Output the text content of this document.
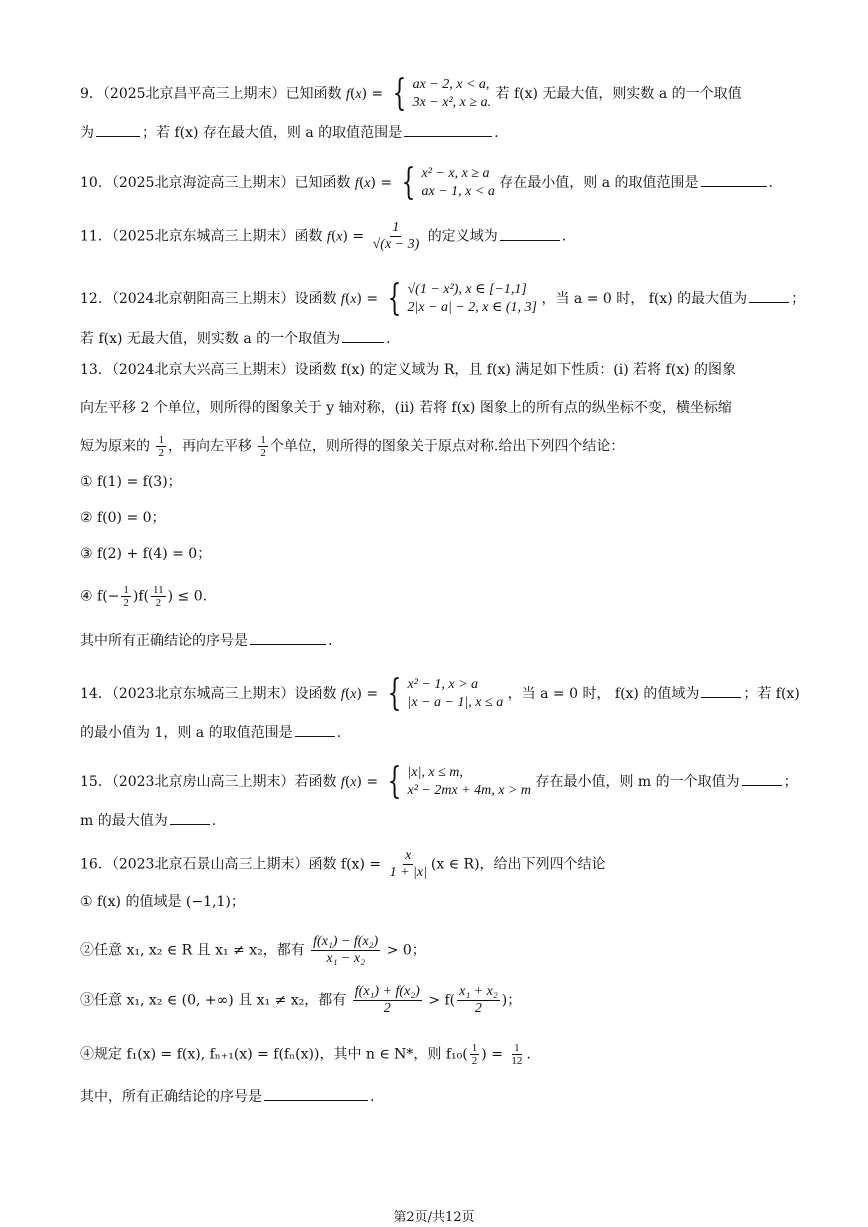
9．（2025北京昌平高三上期末）已知函数 f(x) = { ax − 2, x < a,
3x − x², x ≥ a.
若 f(x) 无最大值，则实数 a 的一个取值
为	；若 f(x) 存在最大值，则 a 的取值范围是	.
10．（2025北京海淀高三上期末）已知函数 f(x) = { x² − x, x ≥ a
ax − 1, x < a
存在最小值，则 a 的取值范围是	.
11．（2025北京东城高三上期末）函数 $f(x) = \frac{1}{√(x - 3)}$ 的定义域为	.
12．（2024北京朝阳高三上期末）设函数 f(x) = { √(1 − x²), x ∈ [−1,1]
2|x − a| − 2, x ∈ (1, 3]
，当 a = 0 时， f(x) 的最大值为	；
若 f(x) 无最大值，则实数 a 的一个取值为	.
13．（2024北京大兴高三上期末）设函数 f(x) 的定义域为 R，且 f(x) 满足如下性质：(ⅰ) 若将 f(x) 的图象
向左平移 2 个单位，则所得的图象关于 y 轴对称，(ⅱ) 若将 f(x) 图象上的所有点的纵坐标不变，横坐标缩
短为原来的 $\frac{1}{2}$ ，再向左平移 $\frac{1}{2}$ 个单位，则所得的图象关于原点对称.给出下列四个结论：
① f(1) = f(3)；
② f(0) = 0；
③ f(2) + f(4) = 0；
④ $f(- \frac{1}{2} )f( \frac{11}{2}$ ) ≤ 0.
其中所有正确结论的序号是	.
14．（2023北京东城高三上期末）设函数 f(x) = { x² − 1, x > a
|x − a − 1|, x ≤ a
，当 a = 0 时， f(x) 的值域为	；若 f(x)
的最小值为 1，则 a 的取值范围是	.
15．（2023北京房山高三上期末）若函数 f(x) = { |x|, x ≤ m,
x² − 2mx + 4m, x > m
存在最小值，则 m 的一个取值为	；
m 的最大值为	.
16．（2023北京石景山高三上期末）函数 $f(x) = \frac{x}{1 + |x|} (x$ ∈ R)，给出下列四个结论
① f(x) 的值域是 (−1,1)；
②任意 x₁, x₂ ∈ R 且 x₁ ≠ x₂，都有 $\frac{\text{f(x₁) − f(x₂)}}{\text{x₁ − x₂}} > 0$；
③任意 x₁, x₂ ∈ (0, +∞) 且 x₁ ≠ x₂，都有 $\frac{\text{f(x₁) + f(x₂)}}{2} > f( \frac{\text{x₁ + x₂}}{2}$ )；
④规定 f₁(x) = f(x), fₙ₊₁(x) = f(fₙ(x))，其中 n ∈ N*，则 $f_{10}( \frac{1}{2}$ ) = $\frac{1}{12}$ .
其中，所有正确结论的序号是	.
第2页/共12页
